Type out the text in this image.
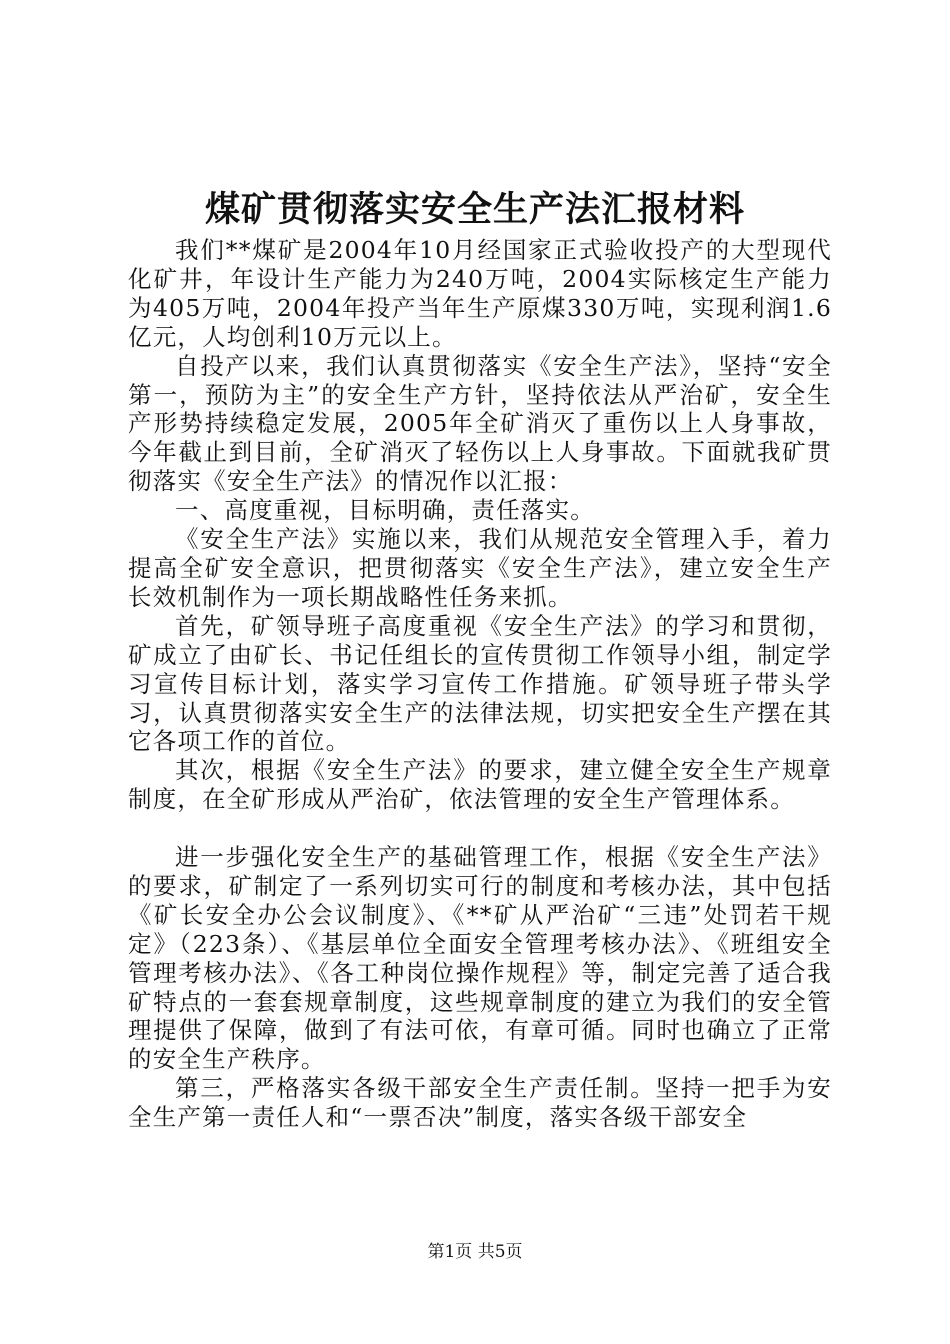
煤矿贯彻落实安全生产法汇报材料

我们**煤矿是2004年10月经国家正式验收投产的大型现代化矿井，年设计生产能力为240万吨，2004实际核定生产能力为405万吨，2004年投产当年生产原煤330万吨，实现利润1.6亿元，人均创利10万元以上。

自投产以来，我们认真贯彻落实《安全生产法》，坚持“安全第一，预防为主”的安全生产方针，坚持依法从严治矿，安全生产形势持续稳定发展，2005年全矿消灭了重伤以上人身事故，今年截止到目前，全矿消灭了轻伤以上人身事故。下面就我矿贯彻落实《安全生产法》的情况作以汇报：

一、高度重视，目标明确，责任落实。

《安全生产法》实施以来，我们从规范安全管理入手，着力提高全矿安全意识，把贯彻落实《安全生产法》，建立安全生产长效机制作为一项长期战略性任务来抓。

首先，矿领导班子高度重视《安全生产法》的学习和贯彻，矿成立了由矿长、书记任组长的宣传贯彻工作领导小组，制定学习宣传目标计划，落实学习宣传工作措施。矿领导班子带头学习，认真贯彻落实安全生产的法律法规，切实把安全生产摆在其它各项工作的首位。

其次，根据《安全生产法》的要求，建立健全安全生产规章制度，在全矿形成从严治矿，依法管理的安全生产管理体系。

进一步强化安全生产的基础管理工作，根据《安全生产法》的要求，矿制定了一系列切实可行的制度和考核办法，其中包括《矿长安全办公会议制度》、《**矿从严治矿“三违”处罚若干规定》（223条）、《基层单位全面安全管理考核办法》、《班组安全管理考核办法》、《各工种岗位操作规程》等，制定完善了适合我矿特点的一套套规章制度，这些规章制度的建立为我们的安全管理提供了保障，做到了有法可依，有章可循。同时也确立了正常的安全生产秩序。

第三，严格落实各级干部安全生产责任制。坚持一把手为安全生产第一责任人和“一票否决”制度，落实各级干部安全

第1页 共5页
